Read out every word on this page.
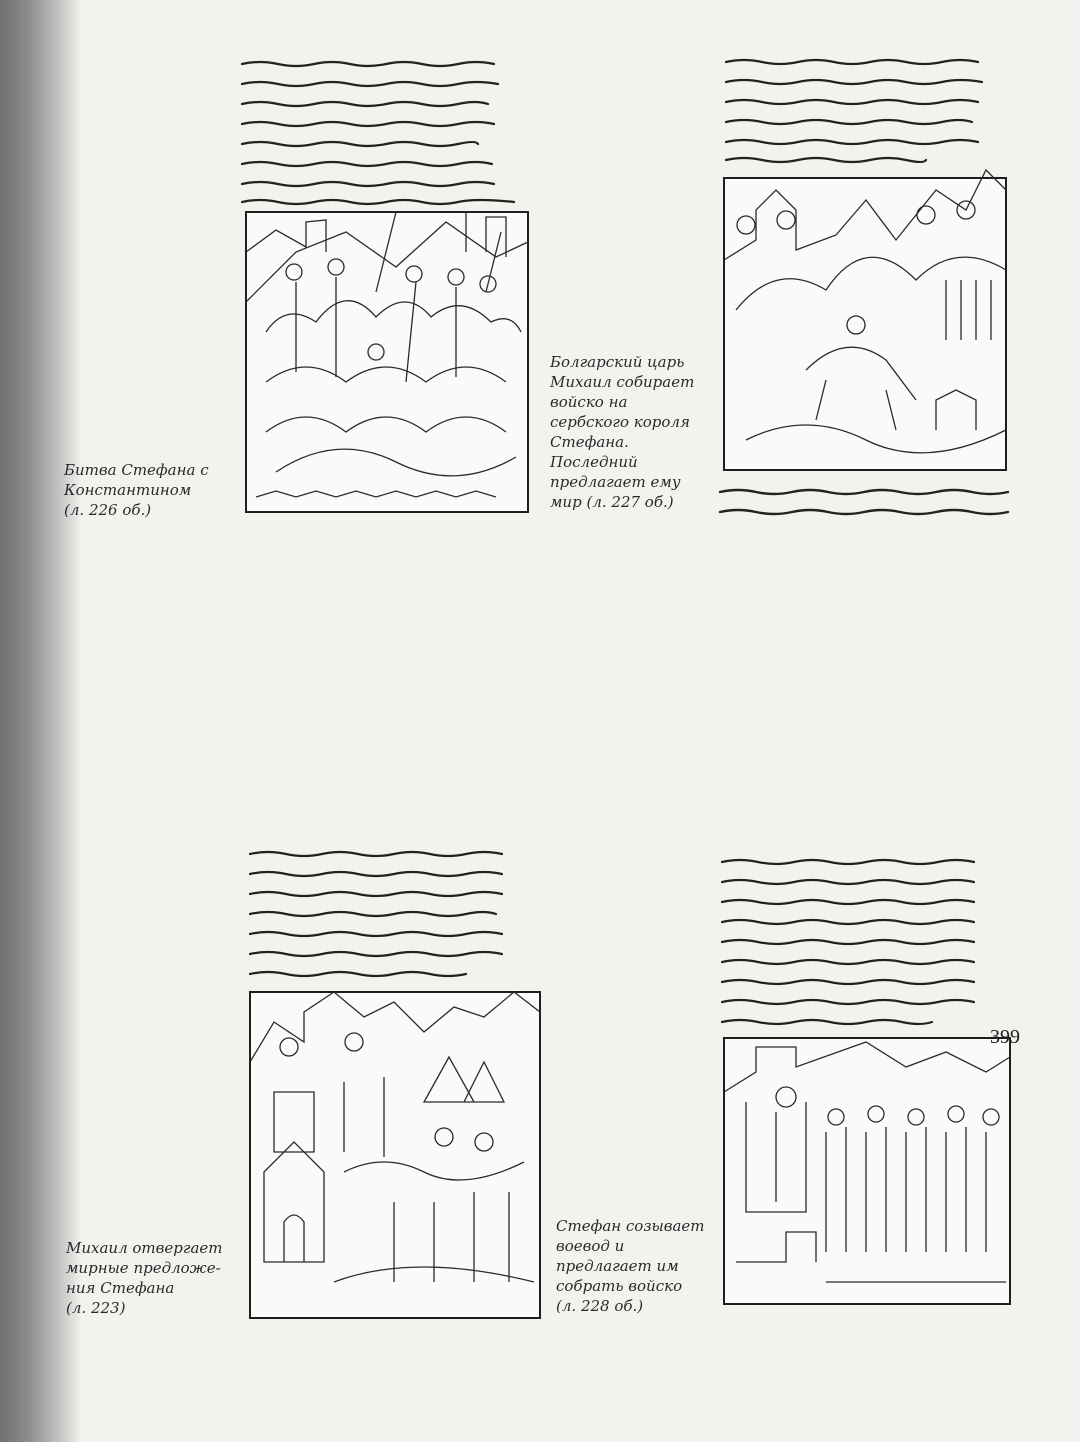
Битва Стефана с
Константином
(л. 226 об.)

Болгарский царь
Михаил собирает
войско на
сербского короля
Стефана.
Последний
предлагает ему
мир (л. 227 об.)

Михаил отвергает
мирные предложе-
ния Стефана
(л. 223)

Стефан созывает
воевод и
предлагает им
собрать войско
(л. 228 об.)

399
